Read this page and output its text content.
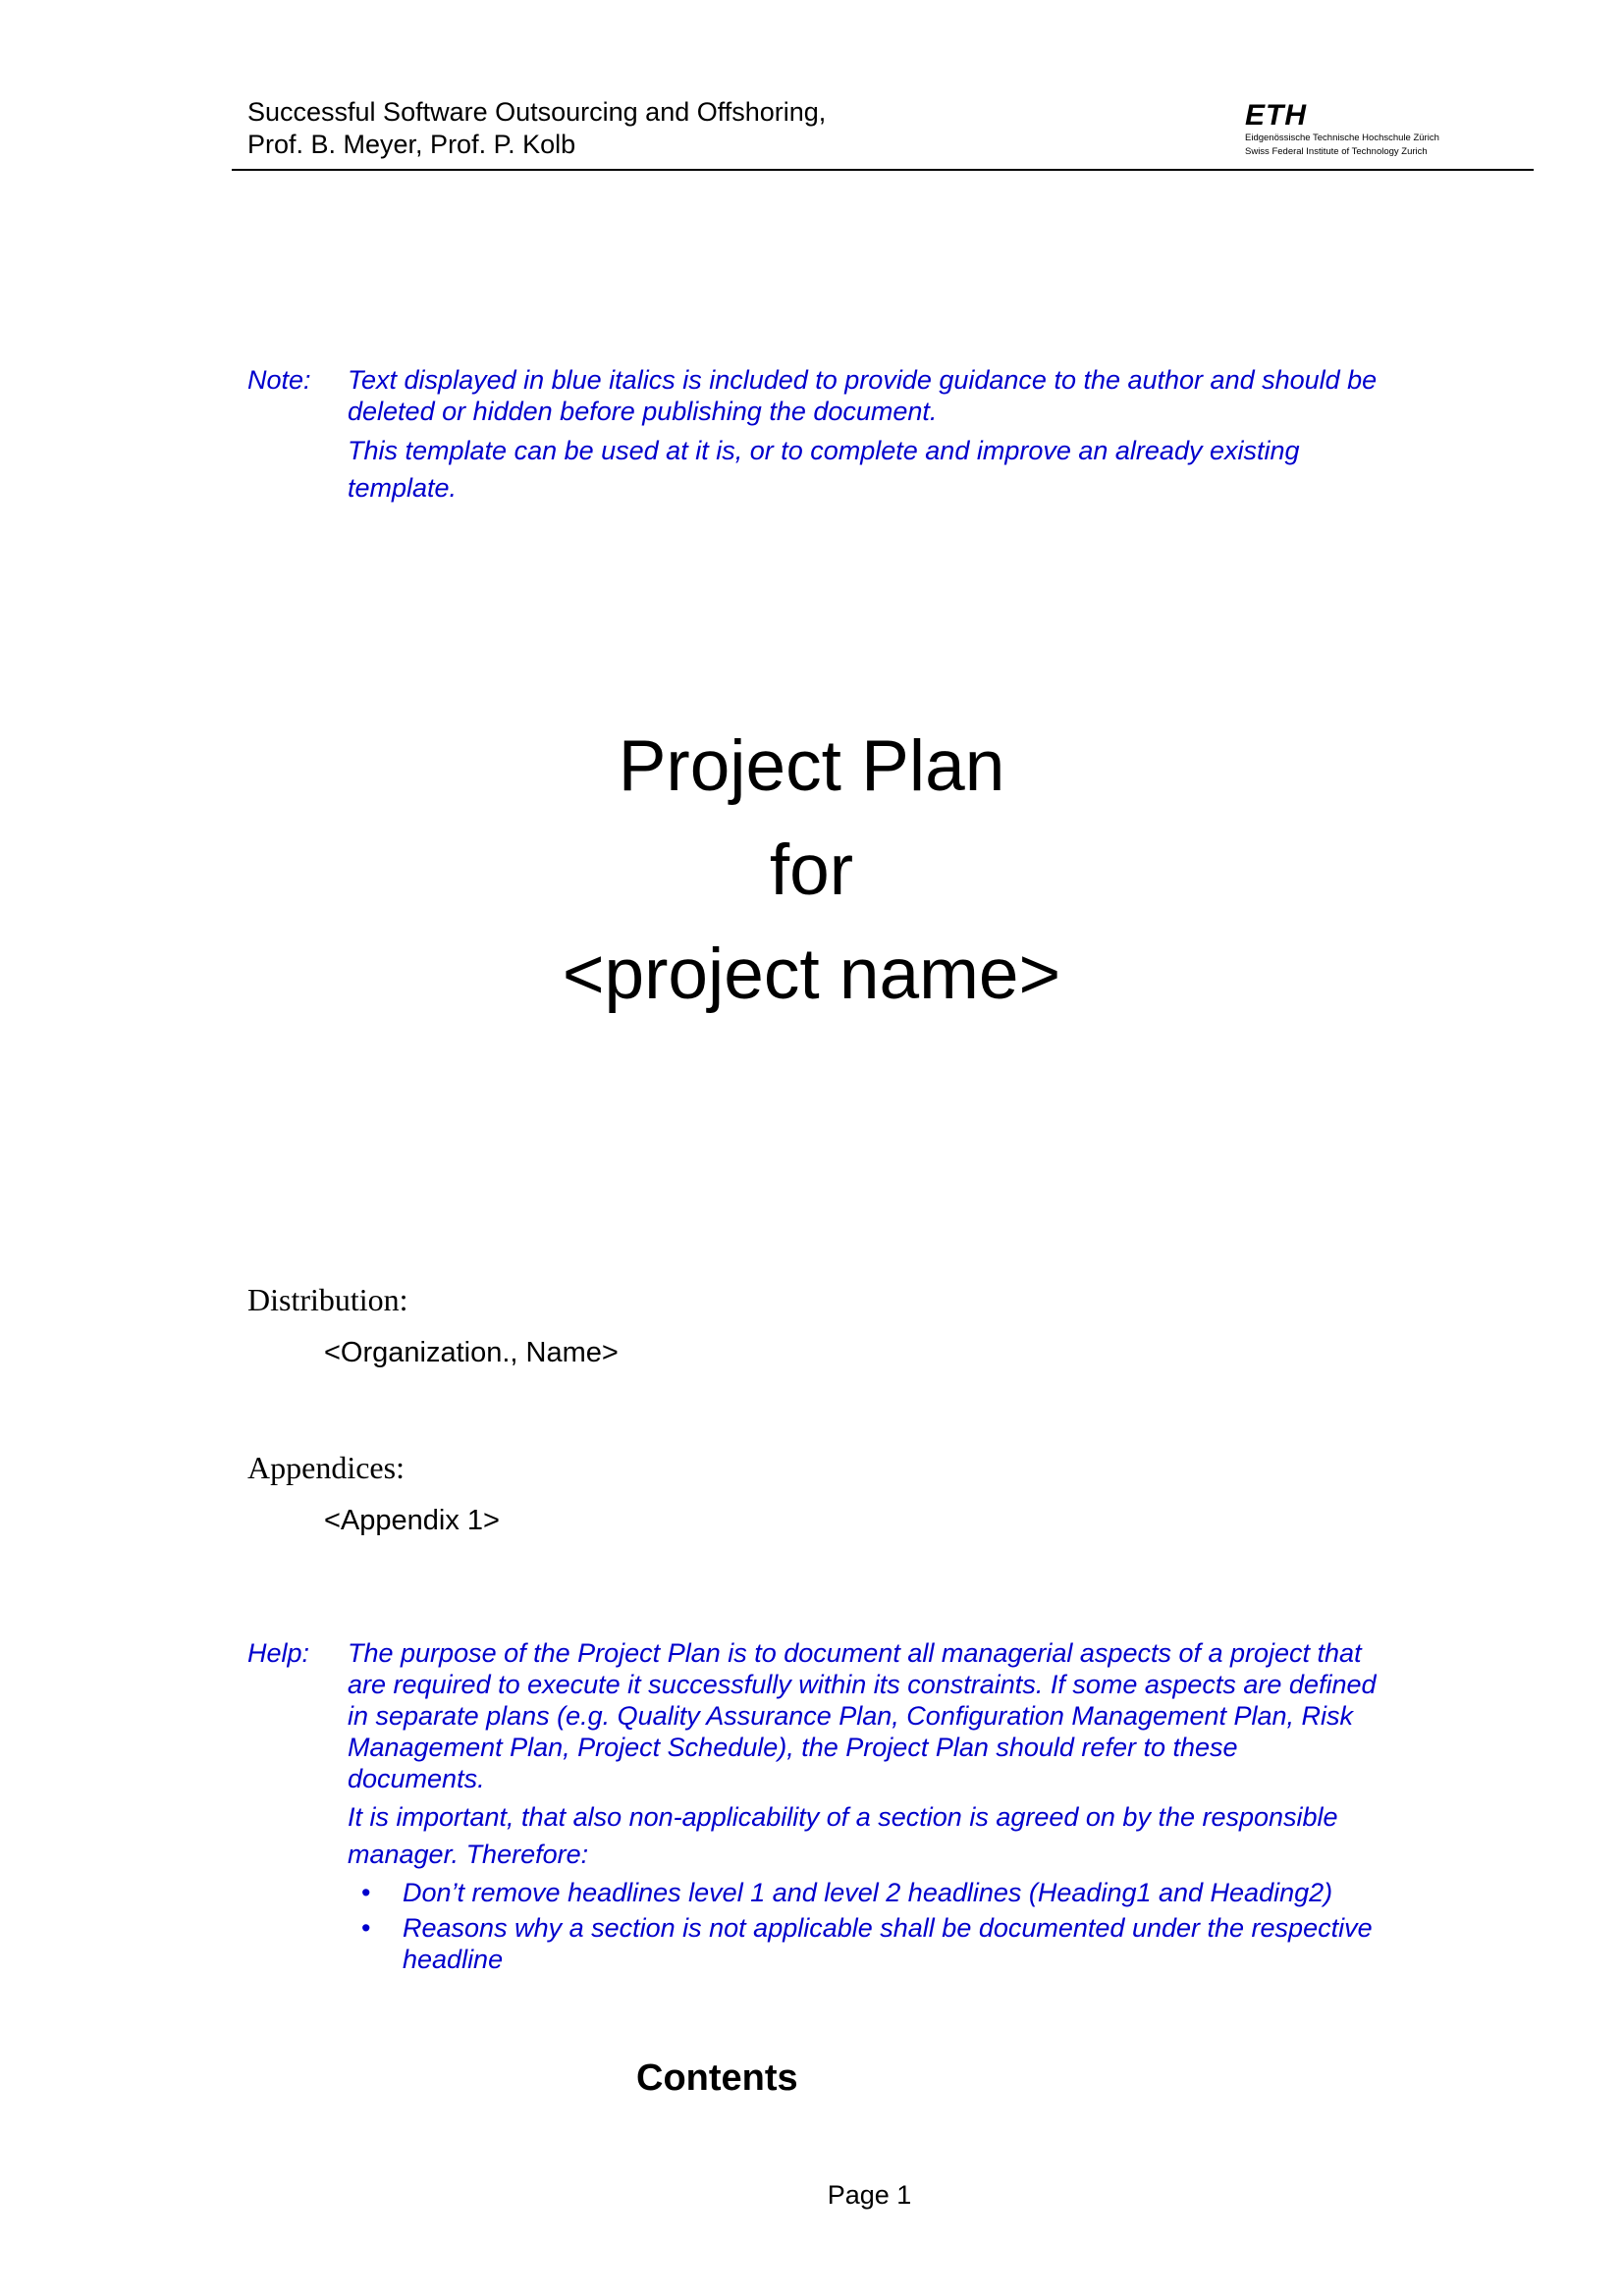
Successful Software Outsourcing and Offshoring,
Prof. B. Meyer, Prof. P. Kolb
ETH
Eidgenössische Technische Hochschule Zürich
Swiss Federal Institute of Technology Zurich
Note: Text displayed in blue italics is included to provide guidance to the author and should be deleted or hidden before publishing the document.

This template can be used at it is, or to complete and improve an already existing template.

Project Plan
for
<project name>
Distribution:
<Organization., Name>
Appendices:
<Appendix 1>
Help: The purpose of the Project Plan is to document all managerial aspects of a project that are required to execute it successfully within its constraints. If some aspects are defined in separate plans (e.g. Quality Assurance Plan, Configuration Management Plan, Risk Management Plan, Project Schedule), the Project Plan should refer to these documents.

It is important, that also non-applicability of a section is agreed on by the responsible manager. Therefore:

• Don’t remove headlines level 1 and level 2 headlines (Heading1 and Heading2)
• Reasons why a section is not applicable shall be documented under the respective headline
Contents
Page 1
